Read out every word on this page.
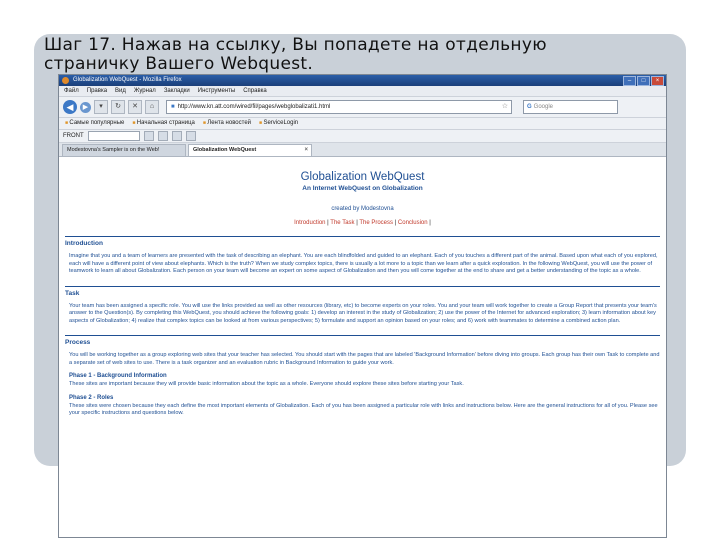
Шаг 17. Нажав на ссылку, Вы попадете на отдельную
страничку Вашего Webquest.
Globalization WebQuest - Mozilla Firefox	–	□	×
Файл Правка Вид Журнал Закладки Инструменты Справка
◀	▶	▾	↻	✕	⌂	■ http://www.kn.att.com/wired/fil/pages/webglobalizati1.html	☆	G Google
■ Самые популярные	■ Начальная страница	■ Лента новостей	■ ServiceLogin
FRONT
Modestovna's Sampler is on the Web!	Globalization WebQuest	×
Globalization WebQuest
An Internet WebQuest on Globalization
created by Modestovna
Introduction | The Task | The Process | Conclusion |
Introduction
Imagine that you and a team of learners are presented with the task of describing an elephant. You are each blindfolded and guided to an elephant. Each of you touches a different part of the animal. Based upon what each of you explored, each will have a different point of view about elephants. Which is the truth? When we study complex topics, there is usually a lot more to a topic than we learn after a quick exploration. In the following WebQuest, you will use the power of teamwork to learn all about Globalization. Each person on your team will become an expert on some aspect of Globalization and then you will come together at the end to share and get a better understanding of the topic as a whole.
Task
Your team has been assigned a specific role. You will use the links provided as well as other resources (library, etc) to become experts on your roles. You and your team will work together to create a Group Report that presents your team's answer to the Question(s). By completing this WebQuest, you should achieve the following goals: 1) develop an interest in the study of Globalization; 2) use the power of the Internet for advanced exploration; 3) learn information about key aspects of Globalization; 4) realize that complex topics can be looked at from various perspectives; 5) formulate and support an opinion based on your roles; and 6) work with teammates to determine a combined action plan.
Process
You will be working together as a group exploring web sites that your teacher has selected. You should start with the pages that are labeled 'Background Information' before diving into groups. Each group has their own Task to complete and a separate set of web sites to use. There is a task organizer and an evaluation rubric in Background Information to guide your work.
Phase 1 - Background Information
These sites are important because they will provide basic information about the topic as a whole. Everyone should explore these sites before starting your Task.
Phase 2 - Roles
These sites were chosen because they each define the most important elements of Globalization. Each of you has been assigned a particular role with links and instructions below. Here are the general instructions for all of you. Please see your specific instructions and questions below.
